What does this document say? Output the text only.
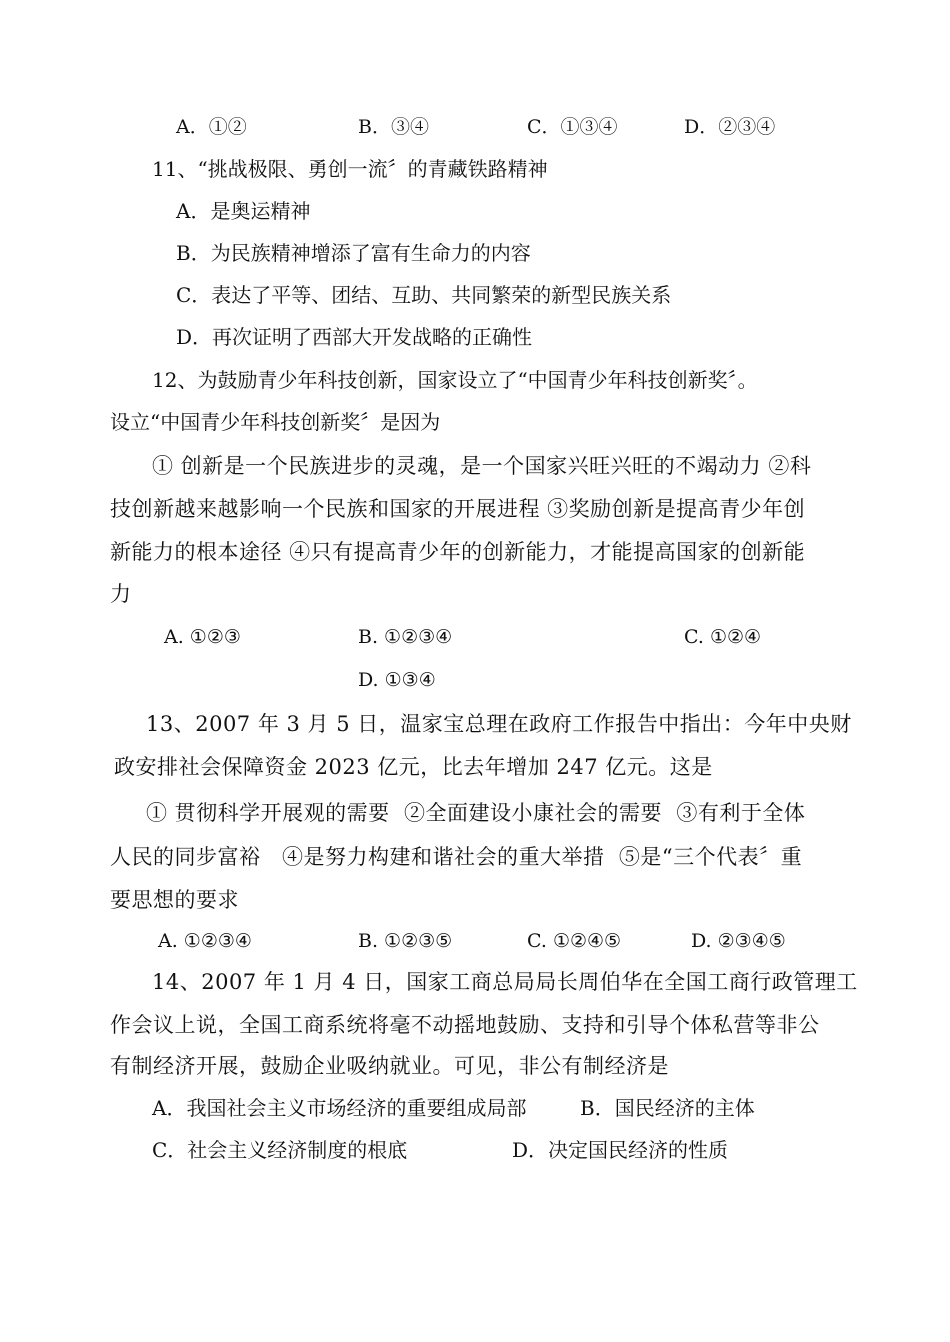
A．①②	B．③④	C．①③④	D．②③④
11、“挑战极限、勇创一流〞的青藏铁路精神
A．是奥运精神
B．为民族精神增添了富有生命力的内容
C．表达了平等、团结、互助、共同繁荣的新型民族关系
D．再次证明了西部大开发战略的正确性
12、为鼓励青少年科技创新，国家设立了“中国青少年科技创新奖〞。
设立“中国青少年科技创新奖〞是因为
① 创新是一个民族进步的灵魂，是一个国家兴旺兴旺的不竭动力 ②科
技创新越来越影响一个民族和国家的开展进程 ③奖励创新是提高青少年创
新能力的根本途径 ④只有提高青少年的创新能力，才能提高国家的创新能
力
A. ①②③	B. ①②③④	C. ①②④
D. ①③④
13、2007 年 3 月 5 日，温家宝总理在政府工作报告中指出：今年中央财
政安排社会保障资金 2023 亿元，比去年增加 247 亿元。这是
① 贯彻科学开展观的需要  ②全面建设小康社会的需要  ③有利于全体
人民的同步富裕   ④是努力构建和谐社会的重大举措  ⑤是“三个代表〞重
要思想的要求
A. ①②③④	B. ①②③⑤	C. ①②④⑤	D. ②③④⑤
14、2007 年 1 月 4 日，国家工商总局局长周伯华在全国工商行政管理工
作会议上说，全国工商系统将毫不动摇地鼓励、支持和引导个体私营等非公
有制经济开展，鼓励企业吸纳就业。可见，非公有制经济是
A．我国社会主义市场经济的重要组成局部	B．国民经济的主体
C．社会主义经济制度的根底	D．决定国民经济的性质
